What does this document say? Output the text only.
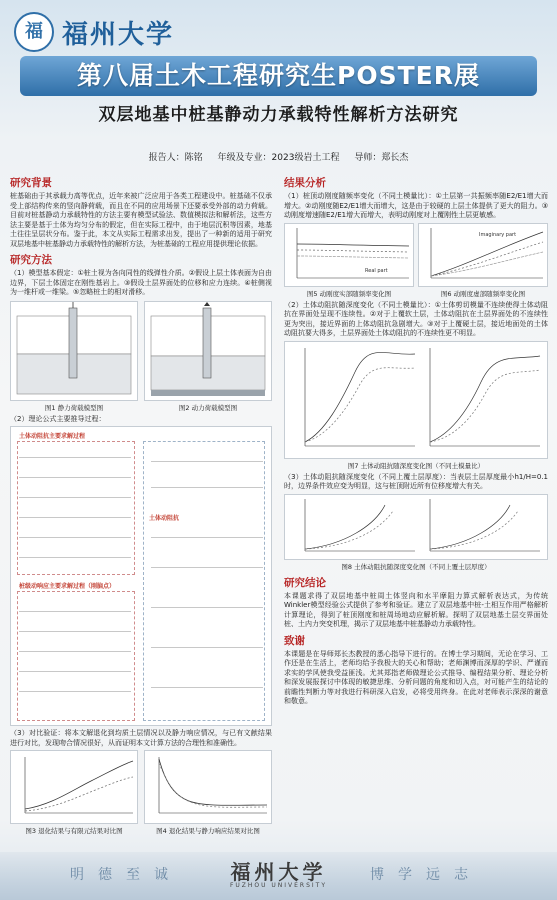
福 福州大学
第八届土木工程研究生POSTER展
双层地基中桩基静动力承载特性解析方法研究
报告人：陈铭 年级及专业：2023级岩土工程 导师：郑长杰
研究背景
桩基础由于其承载力高等优点，近年来被广泛应用于各类工程建设中。桩基础不仅承受上部结构传来的竖向静荷载，而且在不同的应用场景下还要承受外部的动力荷载。目前对桩基静动力承载特性的方法主要有模型试验法、数值模拟法和解析法，这些方法主要是基于土体为均匀分布的假定，但在实际工程中，由于地层沉积等因素，地基土往往呈层状分布。鉴于此，本文从实际工程需求出发，提出了一种新的适用于研究双层地基中桩基静动力承载特性的解析方法，为桩基础的工程应用提供理论依据。
研究方法
（1）模型基本假定：①桩土视为各向同性的线弹性介质。②假设上层土体表面为自由边界，下层土体固定在刚性基岩上。③假设土层界面处的位移和应力连续。④桩侧视为一维杆或一维梁。⑤忽略桩土的相对滑移。
图1 静力荷载模型图	图2 动力荷载模型图
（2）理论公式主要推导过程：
土体动阻抗主要求解过程
桩级动响应主要求解过程（刚脑点）
土体动阻抗
（3）对比验证：将本文解退化到均质土层情况以及静力响应情况，与已有文献结果进行对比，发现吻合情况很好，从而证明本文计算方法的合理性和准确性。
图3 退化结果与有限元结果对比图	图4 退化结果与静力响应结果对比图
结果分析
（1）桩顶动刚度随频率变化（不同土模量比）：①土层第一共振频率随E2/E1增大而增大。②动刚度随E2/E1增大而增大，这是由于较硬的上层土体提供了更大的阻力。③动刚度增速随E2/E1增大而增大，表明动刚度对上覆刚性土层更敏感。
Real part
图5 动刚度实部随频率变化图
Imaginary part
图6 动刚度虚部随频率变化图
（2）土体动阻抗随深度变化（不同土模量比）：①土体剪切模量不连续使得土体动阻抗在界面处呈现不连续性。②对于上覆软土层，土体动阻抗在土层界面处的不连续性更为突出，接近界面的上体动阻抗急剧增大。③对于上覆硬土层，接近地面处的土体动阻抗要大得多，土层界面处土体动阻抗的不连续性更不明显。
图7 土体动阻抗随深度变化图（不同土模量比）
（3）土体动阻抗随深度变化（不同上覆土层厚度）：当表层土层厚度最小h1/H=0.1时，边界条件效应变为明显，这与桩顶附近所有位移度增大有关。
图8 土体动阻抗随深度变化图（不同上覆土层厚度）
研究结论
本课题求得了双层地基中桩周土体竖向和水平摩阻力算式解析表达式，为传统Winkler模型经验公式提供了参考和验证。建立了双层地基中桩-土相互作用严格解析计算理论，得到了桩顶刚度和桩周场地动应解析解。探明了双层地基土层交界面处桩、土内力突变机理，揭示了双层地基中桩基静动力承载特性。
致谢
本课题是在导师郑长杰教授的悉心指导下进行的。在博士学习期间，无论在学习、工作还是在生活上，老师均给予我极大的关心和帮助；老师渊博而深厚的学识、严谨而求实的学风使我受益匪浅。尤其郑指老师做理论公式推导、编程结果分析、理论分析和深发展报探讨中体现的敏捷思维、分析问题的角度和切入点，对可能产生的结论的前瞻性判断力等对我进行科研深入启发，必将受用终身。在此对老师表示深深的谢意和敬意。
明德至诚	福州大学
FUZHOU UNIVERSITY
博学远志
